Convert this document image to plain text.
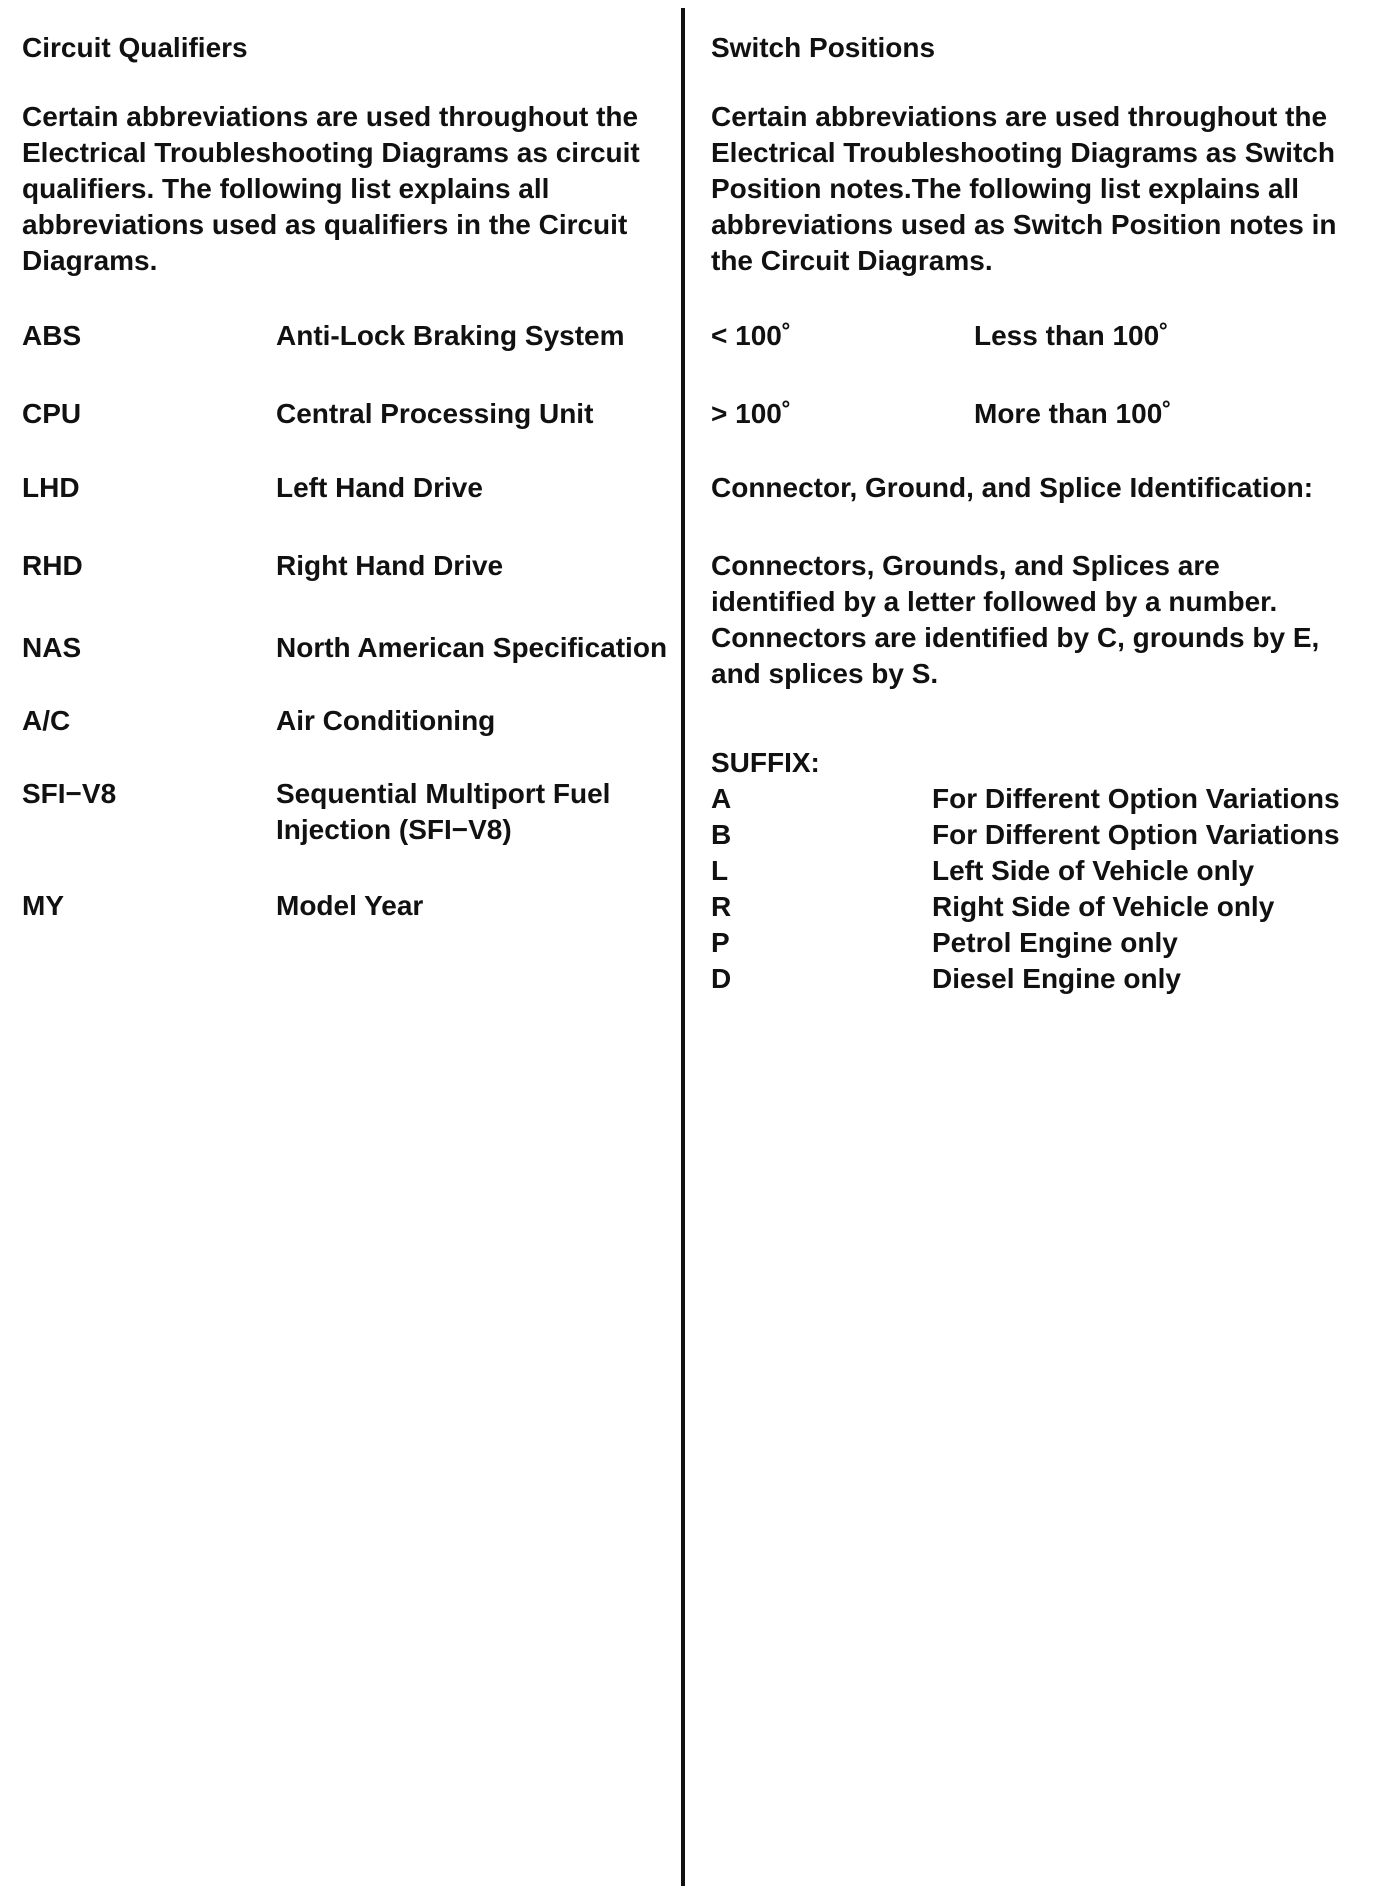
Circuit Qualifiers

Certain abbreviations are used throughout the Electrical Troubleshooting Diagrams as circuit qualifiers. The following list explains all abbreviations used as qualifiers in the Circuit Diagrams.

ABS	Anti-Lock Braking System
CPU	Central Processing Unit
LHD	Left Hand Drive
RHD	Right Hand Drive
NAS	North American Specification
A/C	Air Conditioning
SFI−V8	Sequential Multiport Fuel Injection (SFI−V8)
MY	Model Year

Switch Positions

Certain abbreviations are used throughout the Electrical Troubleshooting Diagrams as Switch Position notes.The following list explains all abbreviations used as Switch Position notes in the Circuit Diagrams.

< 100˚	Less than 100˚
> 100˚	More than 100˚
Connector, Ground, and Splice Identification:
Connectors, Grounds, and Splices are identified by a letter followed by a number. Connectors are identified by C, grounds by E, and splices by S.
SUFFIX:
A	For Different Option Variations
B	For Different Option Variations
L	Left Side of Vehicle only
R	Right Side of Vehicle only
P	Petrol Engine only
D	Diesel Engine only
